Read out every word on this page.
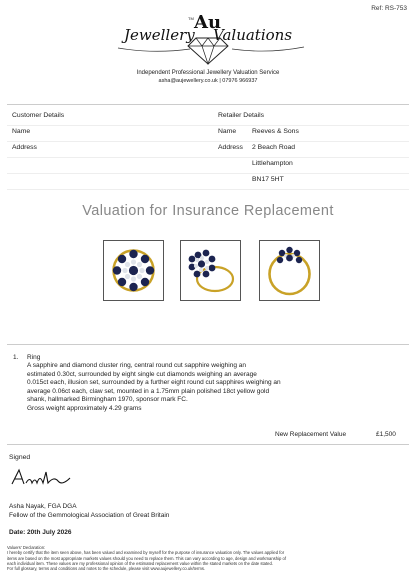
Ref: RS-753
Jewellery
TM Au
Valuations
Independent Professional Jewellery Valuation Service
asha@aujewellery.co.uk | 07976 966937
Customer Details
Name
Address
Retailer Details
Name Reeves & Sons
Address 2 Beach Road
Littlehampton
BN17 5HT
Valuation for Insurance Replacement
1. Ring
A sapphire and diamond cluster ring, central round cut sapphire weighing an
estimated 0.30ct, surrounded by eight single cut diamonds weighing an average
0.015ct each, illusion set, surrounded by a further eight round cut sapphires weighing an
average 0.06ct each, claw set, mounted in a 1.75mm plain polished 18ct yellow gold
shank, hallmarked Birmingham 1970, sponsor mark FC.
Gross weight approximately 4.29 grams
New Replacement Value	£1,500
Signed
Asha Nayak, FGA DGA
Fellow of the Gemmological Association of Great Britain
Date: 20th July 2026
Valuers' Declaration:
I hereby certify that the item seen above, has been valued and examined by myself for the purpose of insurance valuation only. The values applied for
items are based on the most appropriate markets values should you need to replace them. This can vary according to age, design and workmanship of
each individual item. These values are my professional opinion of the estimated replacement value within the stated markets on the date stated.
For full glossary, terms and conditions and notes to the schedule, please visit www.aujewellery.co.uk/terms.
